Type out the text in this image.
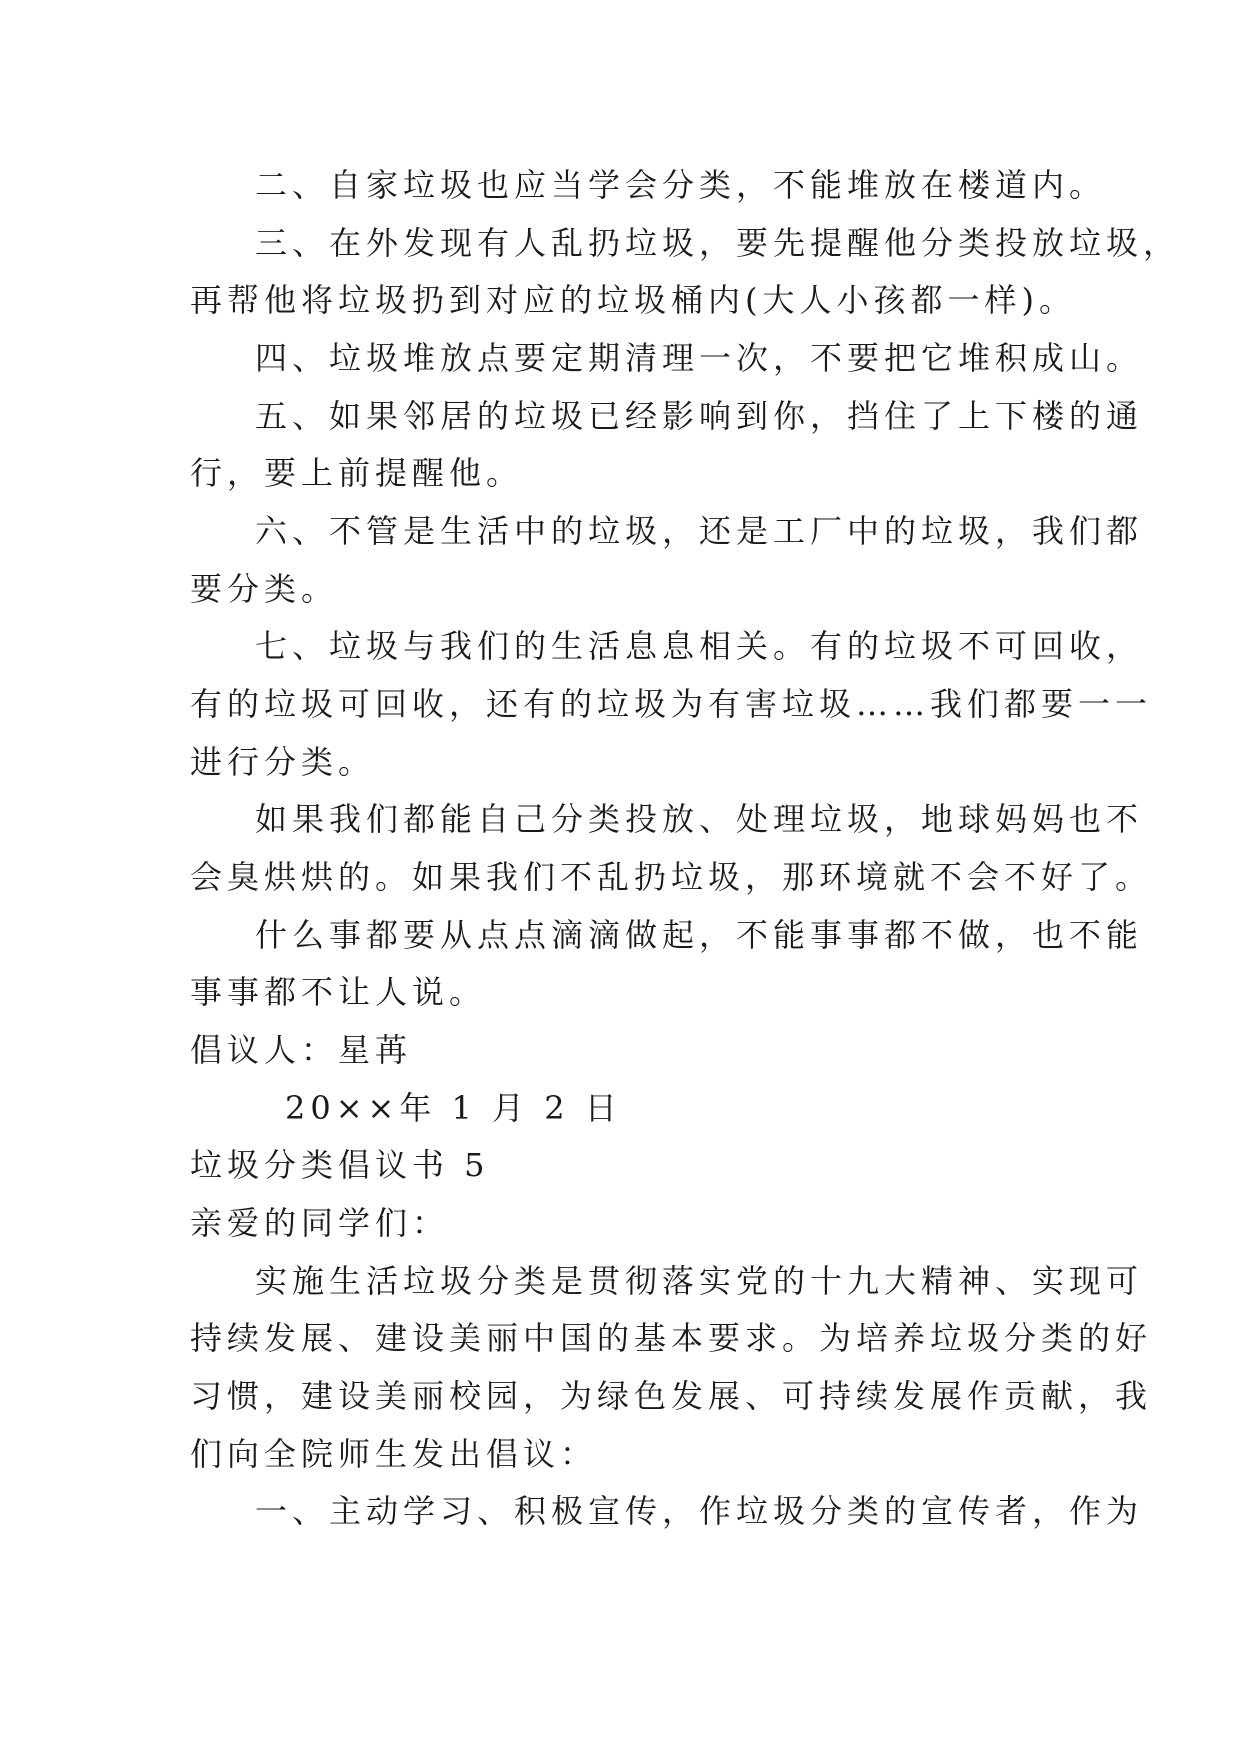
二、自家垃圾也应当学会分类，不能堆放在楼道内。
三、在外发现有人乱扔垃圾，要先提醒他分类投放垃圾，
再帮他将垃圾扔到对应的垃圾桶内(大人小孩都一样)。
四、垃圾堆放点要定期清理一次，不要把它堆积成山。
五、如果邻居的垃圾已经影响到你，挡住了上下楼的通
行，要上前提醒他。
六、不管是生活中的垃圾，还是工厂中的垃圾，我们都
要分类。
七、垃圾与我们的生活息息相关。有的垃圾不可回收，
有的垃圾可回收，还有的垃圾为有害垃圾……我们都要一一
进行分类。
如果我们都能自己分类投放、处理垃圾，地球妈妈也不
会臭烘烘的。如果我们不乱扔垃圾，那环境就不会不好了。
什么事都要从点点滴滴做起，不能事事都不做，也不能
事事都不让人说。
倡议人：星苒
20××年 1 月 2 日
垃圾分类倡议书 5
亲爱的同学们：
实施生活垃圾分类是贯彻落实党的十九大精神、实现可
持续发展、建设美丽中国的基本要求。为培养垃圾分类的好
习惯，建设美丽校园，为绿色发展、可持续发展作贡献，我
们向全院师生发出倡议：
一、主动学习、积极宣传，作垃圾分类的宣传者，作为
